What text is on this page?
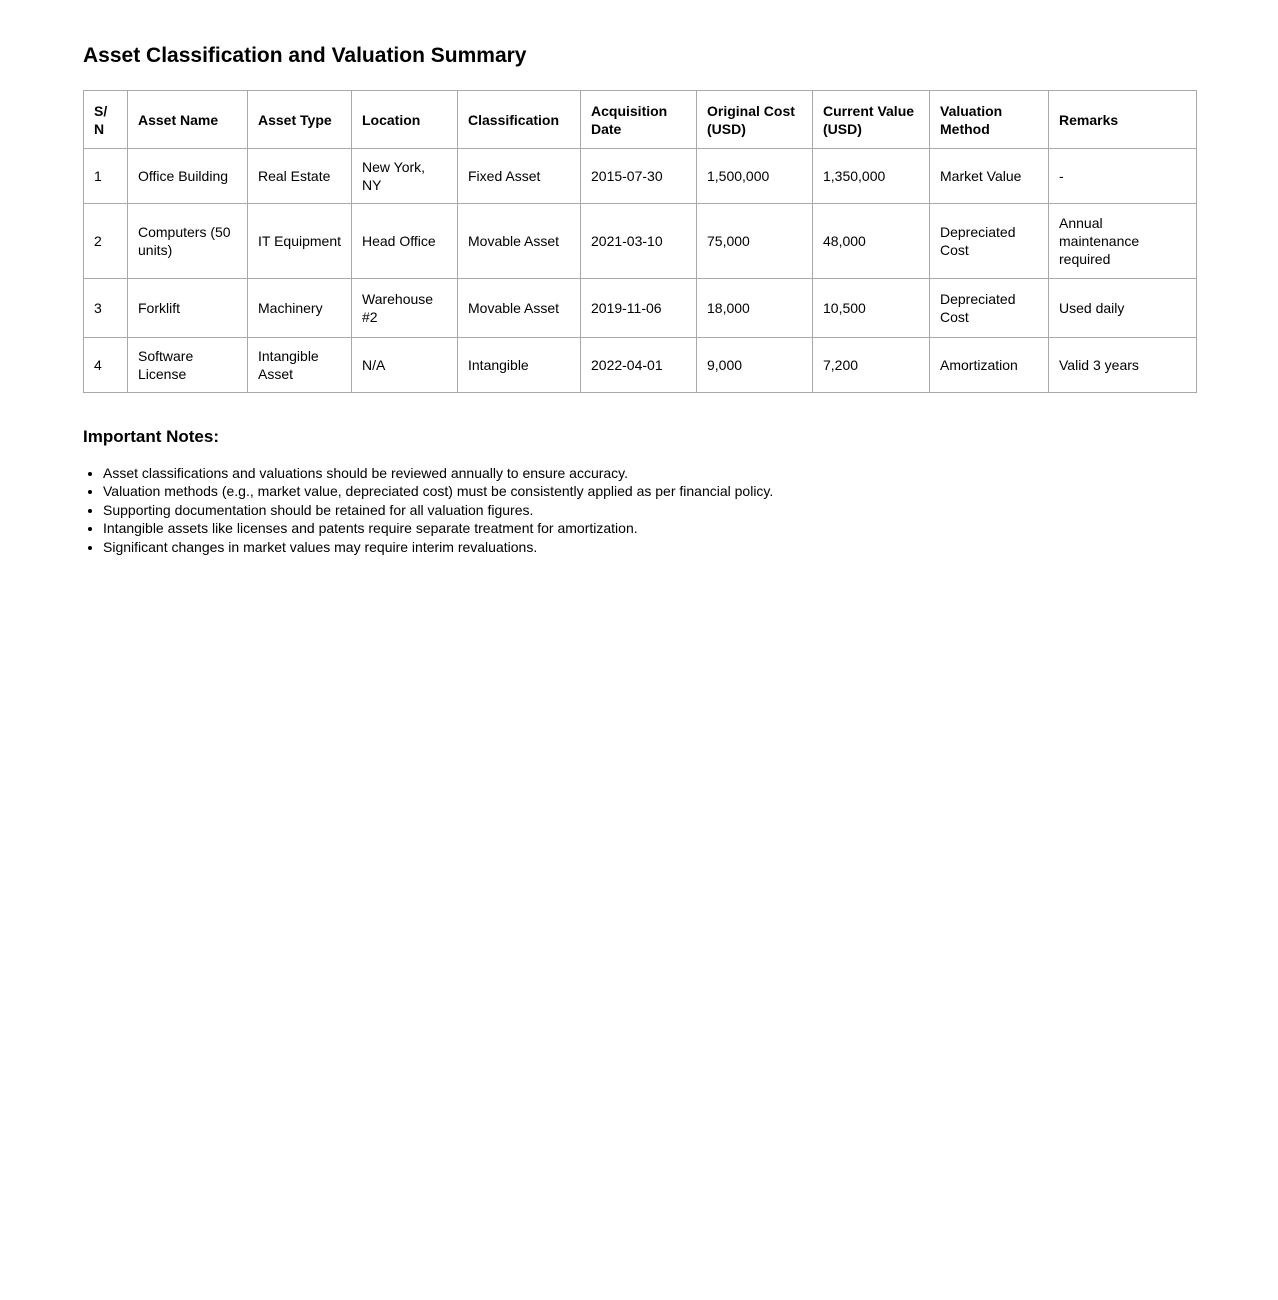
Asset Classification and Valuation Summary
S/N	Asset Name	Asset Type	Location	Classification	Acquisition Date	Original Cost (USD)	Current Value (USD)	Valuation Method	Remarks
1	Office Building	Real Estate	New York, NY	Fixed Asset	2015-07-30	1,500,000	1,350,000	Market Value	-
2	Computers (50 units)	IT Equipment	Head Office	Movable Asset	2021-03-10	75,000	48,000	Depreciated Cost	Annual maintenance required
3	Forklift	Machinery	Warehouse #2	Movable Asset	2019-11-06	18,000	10,500	Depreciated Cost	Used daily
4	Software License	Intangible Asset	N/A	Intangible	2022-04-01	9,000	7,200	Amortization	Valid 3 years
Important Notes:
• Asset classifications and valuations should be reviewed annually to ensure accuracy.
• Valuation methods (e.g., market value, depreciated cost) must be consistently applied as per financial policy.
• Supporting documentation should be retained for all valuation figures.
• Intangible assets like licenses and patents require separate treatment for amortization.
• Significant changes in market values may require interim revaluations.
